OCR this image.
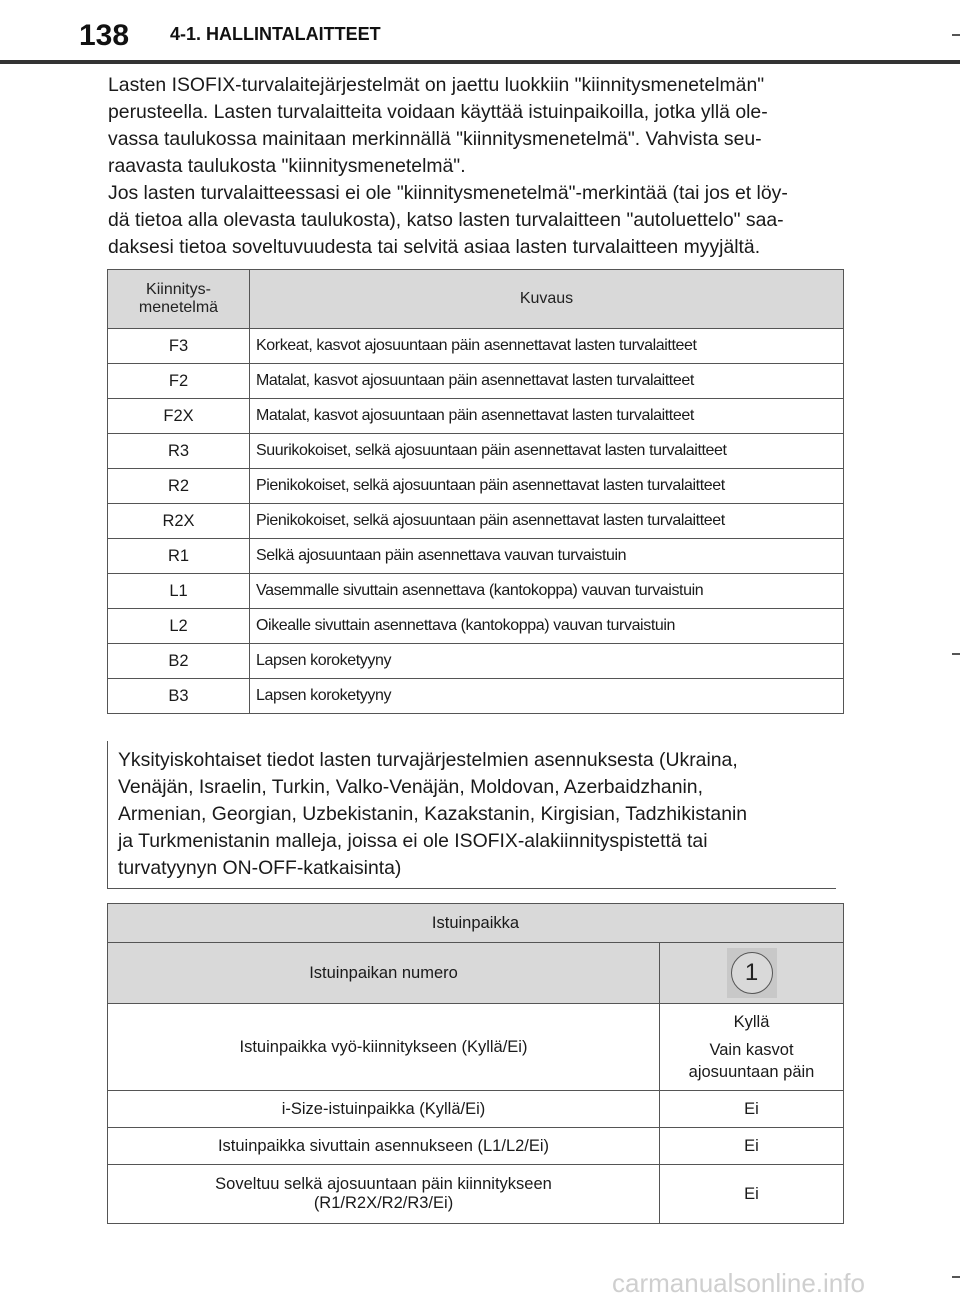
138	4-1. HALLINTALAITTEET

Lasten ISOFIX-turvalaitejärjestelmät on jaettu luokkiin "kiinnitysmenetelmän"

perusteella. Lasten turvalaitteita voidaan käyttää istuinpaikoilla, jotka yllä ole-

vassa taulukossa mainitaan merkinnällä "kiinnitysmenetelmä". Vahvista seu-

raavasta taulukosta "kiinnitysmenetelmä".

Jos lasten turvalaitteessasi ei ole "kiinnitysmenetelmä"-merkintää (tai jos et löy-

dä tietoa alla olevasta taulukosta), katso lasten turvalaitteen "autoluettelo" saa-

daksesi tietoa soveltuvuudesta tai selvitä asiaa lasten turvalaitteen myyjältä.

Kiinnitys-
menetelmä	Kuvaus
F3	Korkeat, kasvot ajosuuntaan päin asennettavat lasten turvalaitteet
F2	Matalat, kasvot ajosuuntaan päin asennettavat lasten turvalaitteet
F2X	Matalat, kasvot ajosuuntaan päin asennettavat lasten turvalaitteet
R3	Suurikokoiset, selkä ajosuuntaan päin asennettavat lasten turvalaitteet
R2	Pienikokoiset, selkä ajosuuntaan päin asennettavat lasten turvalaitteet
R2X	Pienikokoiset, selkä ajosuuntaan päin asennettavat lasten turvalaitteet
R1	Selkä ajosuuntaan päin asennettava vauvan turvaistuin
L1	Vasemmalle sivuttain asennettava (kantokoppa) vauvan turvaistuin
L2	Oikealle sivuttain asennettava (kantokoppa) vauvan turvaistuin
B2	Lapsen koroketyyny
B3	Lapsen koroketyyny

Yksityiskohtaiset tiedot lasten turvajärjestelmien asennuksesta (Ukraina,

Venäjän, Israelin, Turkin, Valko-Venäjän, Moldovan, Azerbaidzhanin,

Armenian, Georgian, Uzbekistanin, Kazakstanin, Kirgisian, Tadzhikistanin

ja Turkmenistanin malleja, joissa ei ole ISOFIX-alakiinnityspistettä tai

turvatyynyn ON-OFF-katkaisinta)

Istuinpaikka	
Istuinpaikan numero	1
Istuinpaikka vyö-kiinnitykseen (Kyllä/Ei)	Kyllä

Vain kasvot

ajosuuntaan päin

i-Size-istuinpaikka (Kyllä/Ei)	Ei
Istuinpaikka sivuttain asennukseen (L1/L2/Ei)	Ei

Soveltuu selkä ajosuuntaan päin kiinnitykseen
(R1/R2X/R2/R3/Ei)	Ei
carmanualsonline.info
